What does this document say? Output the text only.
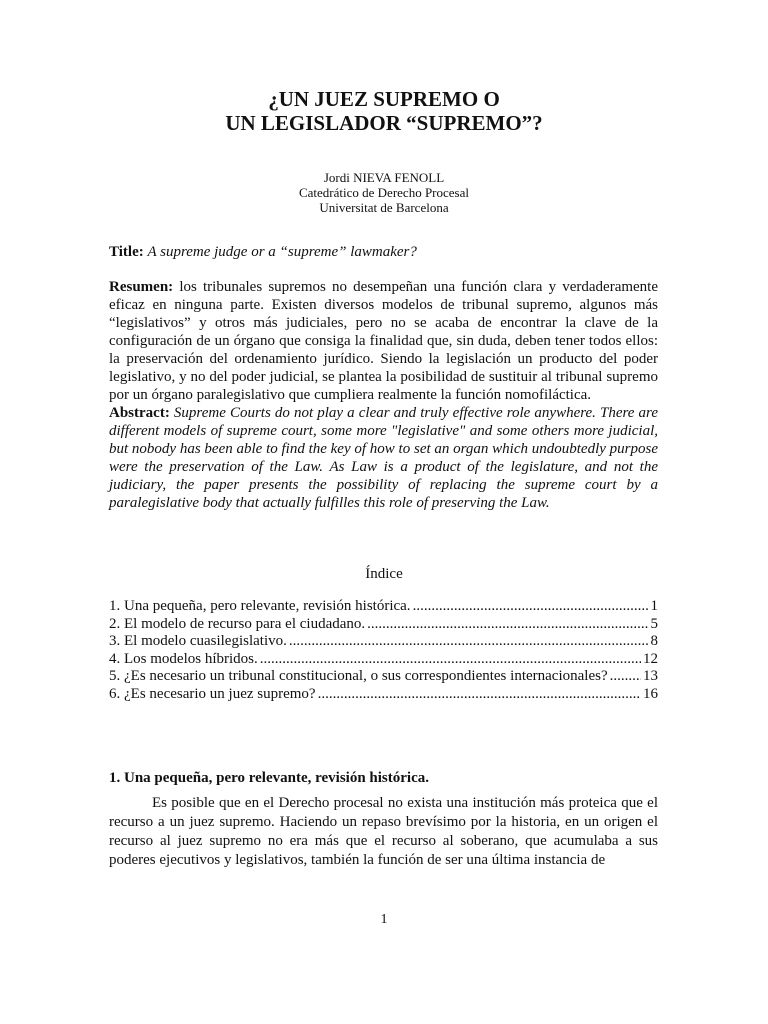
¿UN JUEZ SUPREMO O
UN LEGISLADOR “SUPREMO”?
Jordi NIEVA FENOLL
Catedrático de Derecho Procesal
Universitat de Barcelona
Title: A supreme judge or a “supreme” lawmaker?
Resumen: los tribunales supremos no desempeñan una función clara y verdaderamente eficaz en ninguna parte. Existen diversos modelos de tribunal supremo, algunos más “legislativos” y otros más judiciales, pero no se acaba de encontrar la clave de la configuración de un órgano que consiga la finalidad que, sin duda, deben tener todos ellos: la preservación del ordenamiento jurídico. Siendo la legislación un producto del poder legislativo, y no del poder judicial, se plantea la posibilidad de sustituir al tribunal supremo por un órgano paralegislativo que cumpliera realmente la función nomofiláctica.
Abstract: Supreme Courts do not play a clear and truly effective role anywhere. There are different models of supreme court, some more "legislative" and some others more judicial, but nobody has been able to find the key of how to set an organ which undoubtedly purpose were the preservation of the Law. As Law is a product of the legislature, and not the judiciary, the paper presents the possibility of replacing the supreme court by a paralegislative body that actually fulfilles this role of preserving the Law.
Índice
1. Una pequeña, pero relevante, revisión histórica. .....	1
2. El modelo de recurso para el ciudadano. .....	5
3. El modelo cuasilegislativo. .....	8
4. Los modelos híbridos. .....	12
5. ¿Es necesario un tribunal constitucional, o sus correspondientes internacionales? ..... 13
6. ¿Es necesario un juez supremo? .....	16
1. Una pequeña, pero relevante, revisión histórica.
Es posible que en el Derecho procesal no exista una institución más proteica que el recurso a un juez supremo. Haciendo un repaso brevísimo por la historia, en un origen el recurso al juez supremo no era más que el recurso al soberano, que acumulaba a sus poderes ejecutivos y legislativos, también la función de ser una última instancia de
1
